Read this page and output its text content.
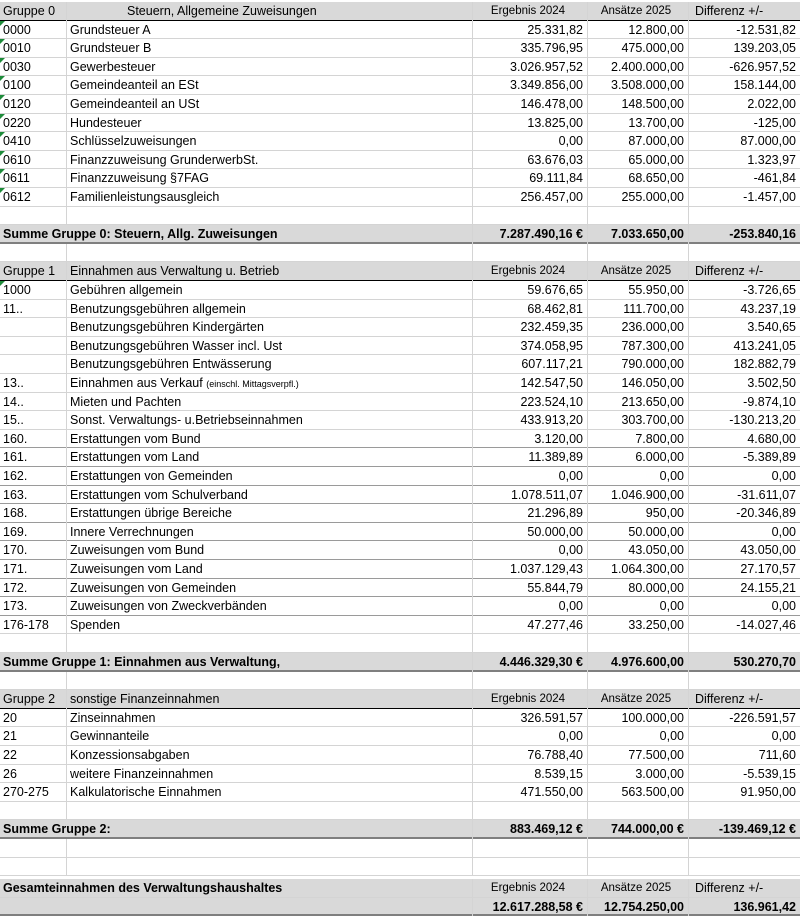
Gruppe 0	Steuern, Allgemeine Zuweisungen	Ergebnis 2024	Ansätze 2025	Differenz +/-
0000	Grundsteuer A	25.331,82	12.800,00	-12.531,82
0010	Grundsteuer B	335.796,95	475.000,00	139.203,05
0030	Gewerbesteuer	3.026.957,52	2.400.000,00	-626.957,52
0100	Gemeindeanteil an ESt	3.349.856,00	3.508.000,00	158.144,00
0120	Gemeindeanteil an USt	146.478,00	148.500,00	2.022,00
0220	Hundesteuer	13.825,00	13.700,00	-125,00
0410	Schlüsselzuweisungen	0,00	87.000,00	87.000,00
0610	Finanzzuweisung GrunderwerbSt.	63.676,03	65.000,00	1.323,97
0611	Finanzzuweisung §7FAG	69.111,84	68.650,00	-461,84
0612	Familienleistungsausgleich	256.457,00	255.000,00	-1.457,00
Summe Gruppe 0: Steuern, Allg. Zuweisungen	7.287.490,16 €	7.033.650,00	-253.840,16
Gruppe 1	Einnahmen aus Verwaltung u. Betrieb	Ergebnis 2024	Ansätze 2025	Differenz +/-
1000	Gebühren allgemein	59.676,65	55.950,00	-3.726,65
11..	Benutzungsgebühren allgemein	68.462,81	111.700,00	43.237,19
Benutzungsgebühren Kindergärten	232.459,35	236.000,00	3.540,65
Benutzungsgebühren Wasser incl. Ust	374.058,95	787.300,00	413.241,05
Benutzungsgebühren Entwässerung	607.117,21	790.000,00	182.882,79
13..	Einnahmen aus Verkauf (einschl. Mittagsverpfl.)	142.547,50	146.050,00	3.502,50
14..	Mieten und Pachten	223.524,10	213.650,00	-9.874,10
15..	Sonst. Verwaltungs- u.Betriebseinnahmen	433.913,20	303.700,00	-130.213,20
160.	Erstattungen vom Bund	3.120,00	7.800,00	4.680,00
161.	Erstattungen vom Land	11.389,89	6.000,00	-5.389,89
162.	Erstattungen von Gemeinden	0,00	0,00	0,00
163.	Erstattungen vom Schulverband	1.078.511,07	1.046.900,00	-31.611,07
168.	Erstattungen übrige Bereiche	21.296,89	950,00	-20.346,89
169.	Innere Verrechnungen	50.000,00	50.000,00	0,00
170.	Zuweisungen vom Bund	0,00	43.050,00	43.050,00
171.	Zuweisungen vom Land	1.037.129,43	1.064.300,00	27.170,57
172.	Zuweisungen von Gemeinden	55.844,79	80.000,00	24.155,21
173.	Zuweisungen von Zweckverbänden	0,00	0,00	0,00
176-178	Spenden	47.277,46	33.250,00	-14.027,46
Summe Gruppe 1: Einnahmen aus Verwaltung,	4.446.329,30 €	4.976.600,00	530.270,70
Gruppe 2	sonstige Finanzeinnahmen	Ergebnis 2024	Ansätze 2025	Differenz +/-
20	Zinseinnahmen	326.591,57	100.000,00	-226.591,57
21	Gewinnanteile	0,00	0,00	0,00
22	Konzessionsabgaben	76.788,40	77.500,00	711,60
26	weitere Finanzeinnahmen	8.539,15	3.000,00	-5.539,15
270-275	Kalkulatorische Einnahmen	471.550,00	563.500,00	91.950,00
Summe Gruppe 2:	883.469,12 €	744.000,00 €	-139.469,12 €
Gesamteinnahmen des Verwaltungshaushaltes	Ergebnis 2024	Ansätze 2025	Differenz +/-
12.617.288,58 €	12.754.250,00	136.961,42
